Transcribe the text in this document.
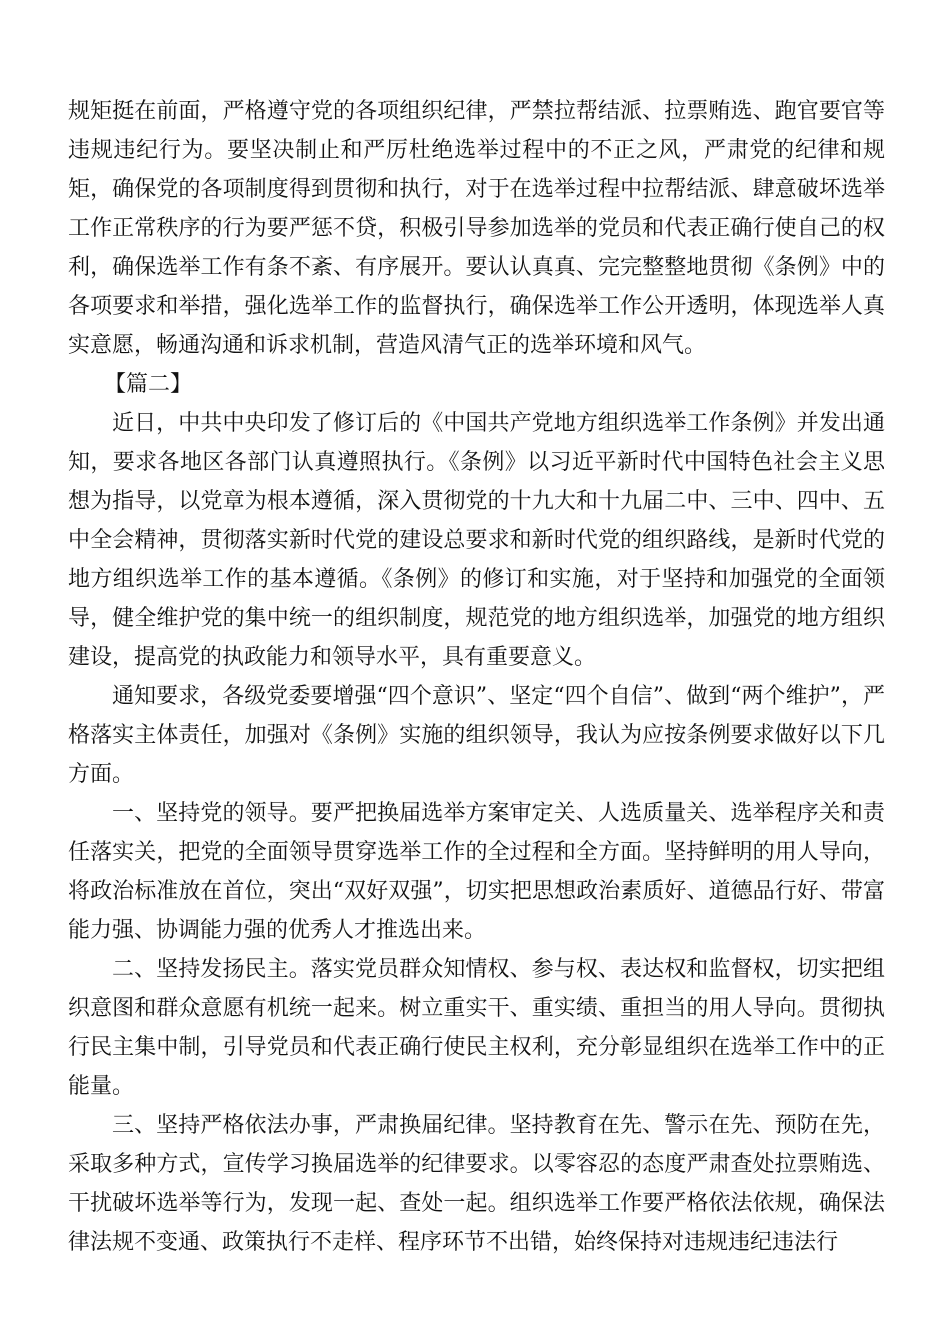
规矩挺在前面，严格遵守党的各项组织纪律，严禁拉帮结派、拉票贿选、跑官要官等违规违纪行为。要坚决制止和严厉杜绝选举过程中的不正之风，严肃党的纪律和规矩，确保党的各项制度得到贯彻和执行，对于在选举过程中拉帮结派、肆意破坏选举工作正常秩序的行为要严惩不贷，积极引导参加选举的党员和代表正确行使自己的权利，确保选举工作有条不紊、有序展开。要认认真真、完完整整地贯彻《条例》中的各项要求和举措，强化选举工作的监督执行，确保选举工作公开透明，体现选举人真实意愿，畅通沟通和诉求机制，营造风清气正的选举环境和风气。

【篇二】

近日，中共中央印发了修订后的《中国共产党地方组织选举工作条例》并发出通知，要求各地区各部门认真遵照执行。《条例》以习近平新时代中国特色社会主义思想为指导，以党章为根本遵循，深入贯彻党的十九大和十九届二中、三中、四中、五中全会精神，贯彻落实新时代党的建设总要求和新时代党的组织路线，是新时代党的地方组织选举工作的基本遵循。《条例》的修订和实施，对于坚持和加强党的全面领导，健全维护党的集中统一的组织制度，规范党的地方组织选举，加强党的地方组织建设，提高党的执政能力和领导水平，具有重要意义。

通知要求，各级党委要增强“四个意识”、坚定“四个自信”、做到“两个维护”，严格落实主体责任，加强对《条例》实施的组织领导，我认为应按条例要求做好以下几方面。

一、坚持党的领导。要严把换届选举方案审定关、人选质量关、选举程序关和责任落实关，把党的全面领导贯穿选举工作的全过程和全方面。坚持鲜明的用人导向，将政治标准放在首位，突出“双好双强”，切实把思想政治素质好、道德品行好、带富能力强、协调能力强的优秀人才推选出来。

二、坚持发扬民主。落实党员群众知情权、参与权、表达权和监督权，切实把组织意图和群众意愿有机统一起来。树立重实干、重实绩、重担当的用人导向。贯彻执行民主集中制，引导党员和代表正确行使民主权利，充分彰显组织在选举工作中的正能量。

三、坚持严格依法办事，严肃换届纪律。坚持教育在先、警示在先、预防在先，采取多种方式，宣传学习换届选举的纪律要求。以零容忍的态度严肃查处拉票贿选、干扰破坏选举等行为，发现一起、查处一起。组织选举工作要严格依法依规，确保法律法规不变通、政策执行不走样、程序环节不出错，始终保持对违规违纪违法行
